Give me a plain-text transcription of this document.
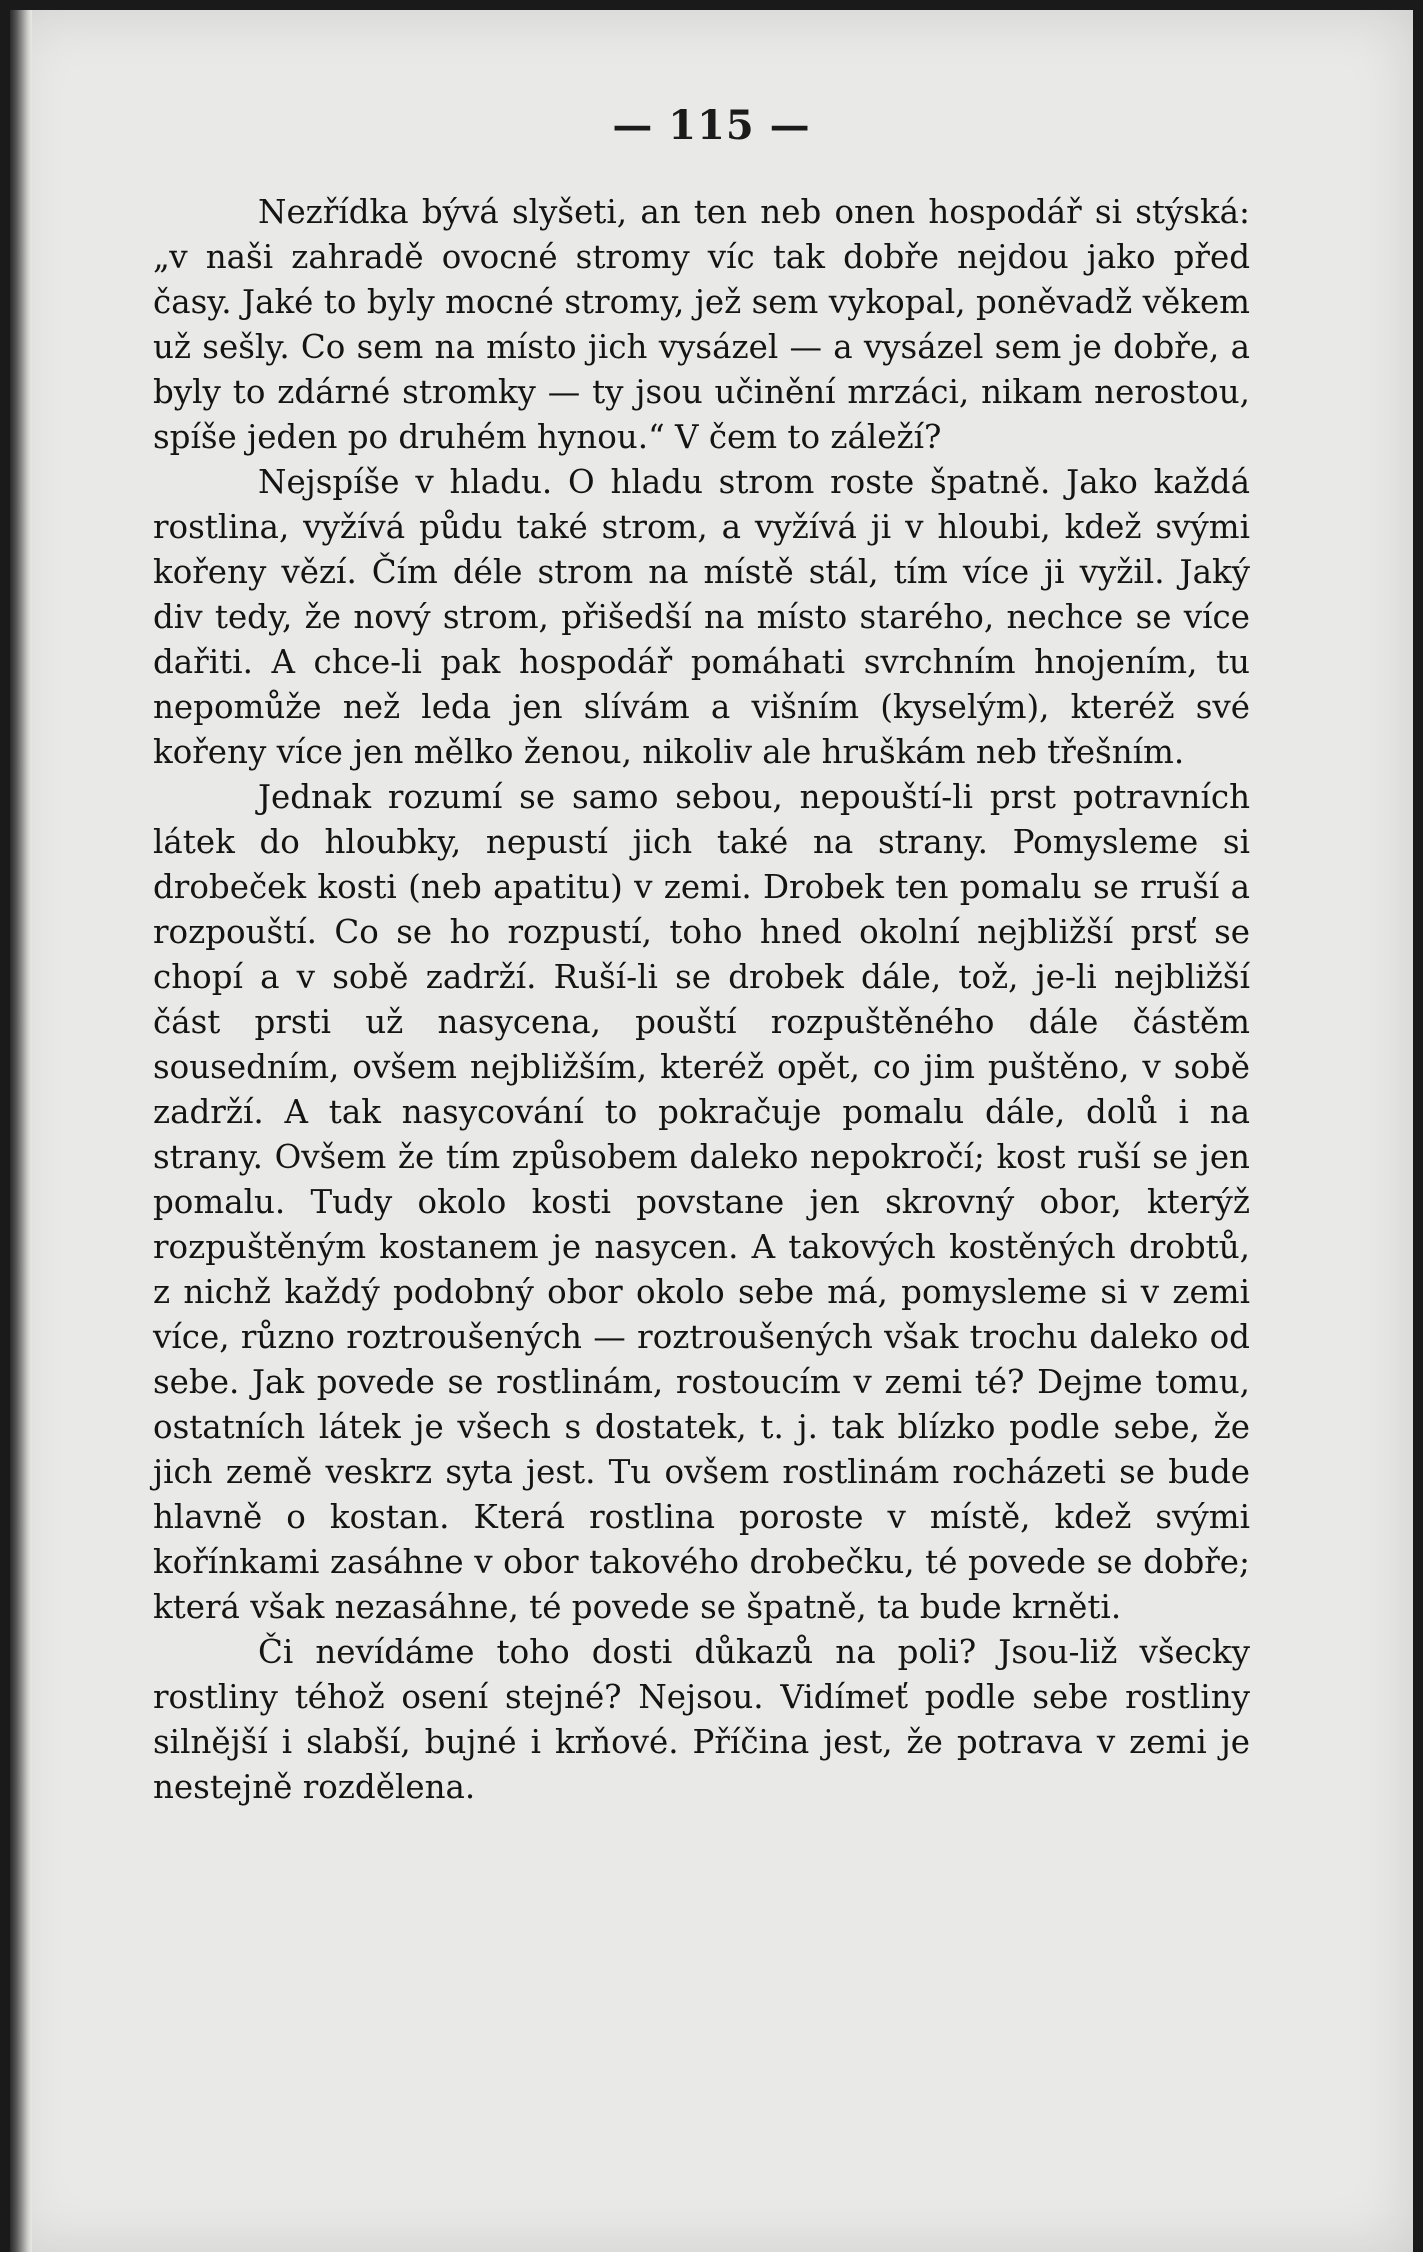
— 115 —

Nezřídka bývá slyšeti, an ten neb onen hospodář si stýská: „v naši zahradě ovocné stromy víc tak dobře nejdou jako před časy. Jaké to byly mocné stromy, jež sem vykopal, poněvadž věkem už sešly. Co sem na místo jich vysázel — a vysázel sem je dobře, a byly to zdárné stromky — ty jsou učinění mrzáci, nikam nerostou, spíše jeden po druhém hynou.“ V čem to záleží?

Nejspíše v hladu. O hladu strom roste špatně. Jako každá rostlina, vyžívá půdu také strom, a vyžívá ji v hloubi, kdež svými kořeny vězí. Čím déle strom na místě stál, tím více ji vyžil. Jaký div tedy, že nový strom, přišedší na místo starého, nechce se více dařiti. A chce-li pak hospodář pomáhati svrchním hnojením, tu nepomůže než leda jen slívám a višním (kyselým), kteréž své kořeny více jen mělko ženou, nikoliv ale hruškám neb třešním.

Jednak rozumí se samo sebou, nepouští-li prst potravních látek do hloubky, nepustí jich také na strany. Pomysleme si drobeček kosti (neb apatitu) v zemi. Drobek ten pomalu se rruší a rozpouští. Co se ho rozpustí, toho hned okolní nejbližší prsť se chopí a v sobě zadrží. Ruší-li se drobek dále, tož, je-li nejbližší část prsti už nasycena, pouští rozpuštěného dále částěm sousedním, ovšem nejbližším, kteréž opět, co jim puštěno, v sobě zadrží. A tak nasycování to pokračuje pomalu dále, dolů i na strany. Ovšem že tím způsobem daleko nepokročí; kost ruší se jen pomalu. Tudy okolo kosti povstane jen skrovný obor, kterýž rozpuštěným kostanem je nasycen. A takových kostěných drobtů, z nichž každý podobný obor okolo sebe má, pomysleme si v zemi více, různo roztroušených — roztroušených však trochu daleko od sebe. Jak povede se rostlinám, rostoucím v zemi té? Dejme tomu, ostatních látek je všech s dostatek, t. j. tak blízko podle sebe, že jich země veskrz syta jest. Tu ovšem rostlinám rocházeti se bude hlavně o kostan. Která rostlina poroste v místě, kdež svými kořínkami zasáhne v obor takového drobečku, té povede se dobře; která však nezasáhne, té povede se špatně, ta bude krněti.

Či nevídáme toho dosti důkazů na poli? Jsou-liž všecky rostliny téhož osení stejné? Nejsou. Vidímeť podle sebe rostliny silnější i slabší, bujné i krňové. Příčina jest, že potrava v zemi je nestejně rozdělena.
